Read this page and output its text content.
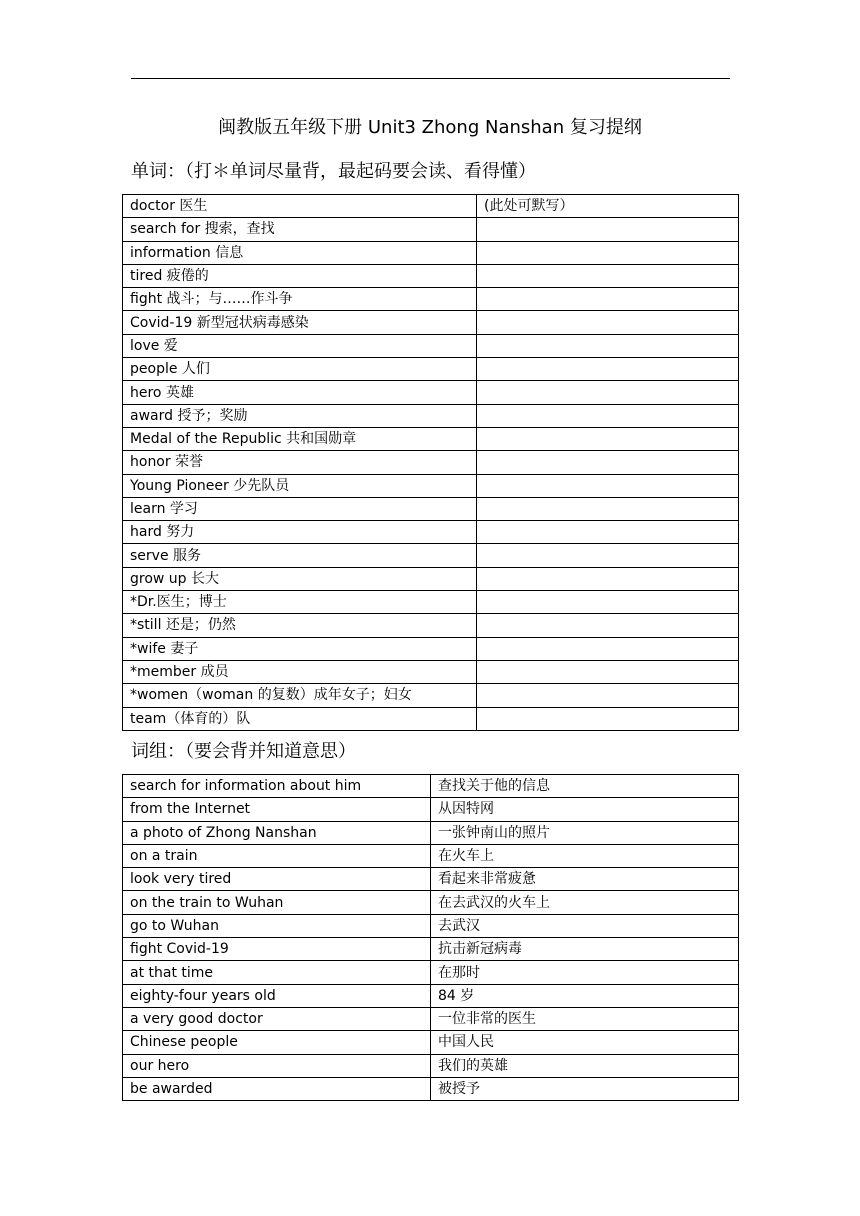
闽教版五年级下册 Unit3 Zhong Nanshan 复习提纲
单词：（打＊单词尽量背，最起码要会读、看得懂）
doctor 医生	(此处可默写）
search for 搜索，查找	
information 信息	
tired 疲倦的	
fight 战斗；与……作斗争	
Covid-19 新型冠状病毒感染	
love 爱	
people 人们	
hero 英雄	
award 授予；奖励	
Medal of the Republic 共和国勋章	
honor 荣誉	
Young Pioneer 少先队员	
learn 学习	
hard 努力	
serve 服务	
grow up 长大	
*Dr.医生；博士	
*still 还是；仍然	
*wife 妻子	
*member 成员	
*women（woman 的复数）成年女子；妇女	
team（体育的）队	
词组：（要会背并知道意思）
search for information about him	查找关于他的信息
from the Internet	从因特网
a photo of Zhong Nanshan	一张钟南山的照片
on a train	在火车上
look very tired	看起来非常疲惫
on the train to Wuhan	在去武汉的火车上
go to Wuhan	去武汉
fight Covid-19	抗击新冠病毒
at that time	在那时
eighty-four years old	84 岁
a very good doctor	一位非常的医生
Chinese people	中国人民
our hero	我们的英雄
be awarded	被授予
